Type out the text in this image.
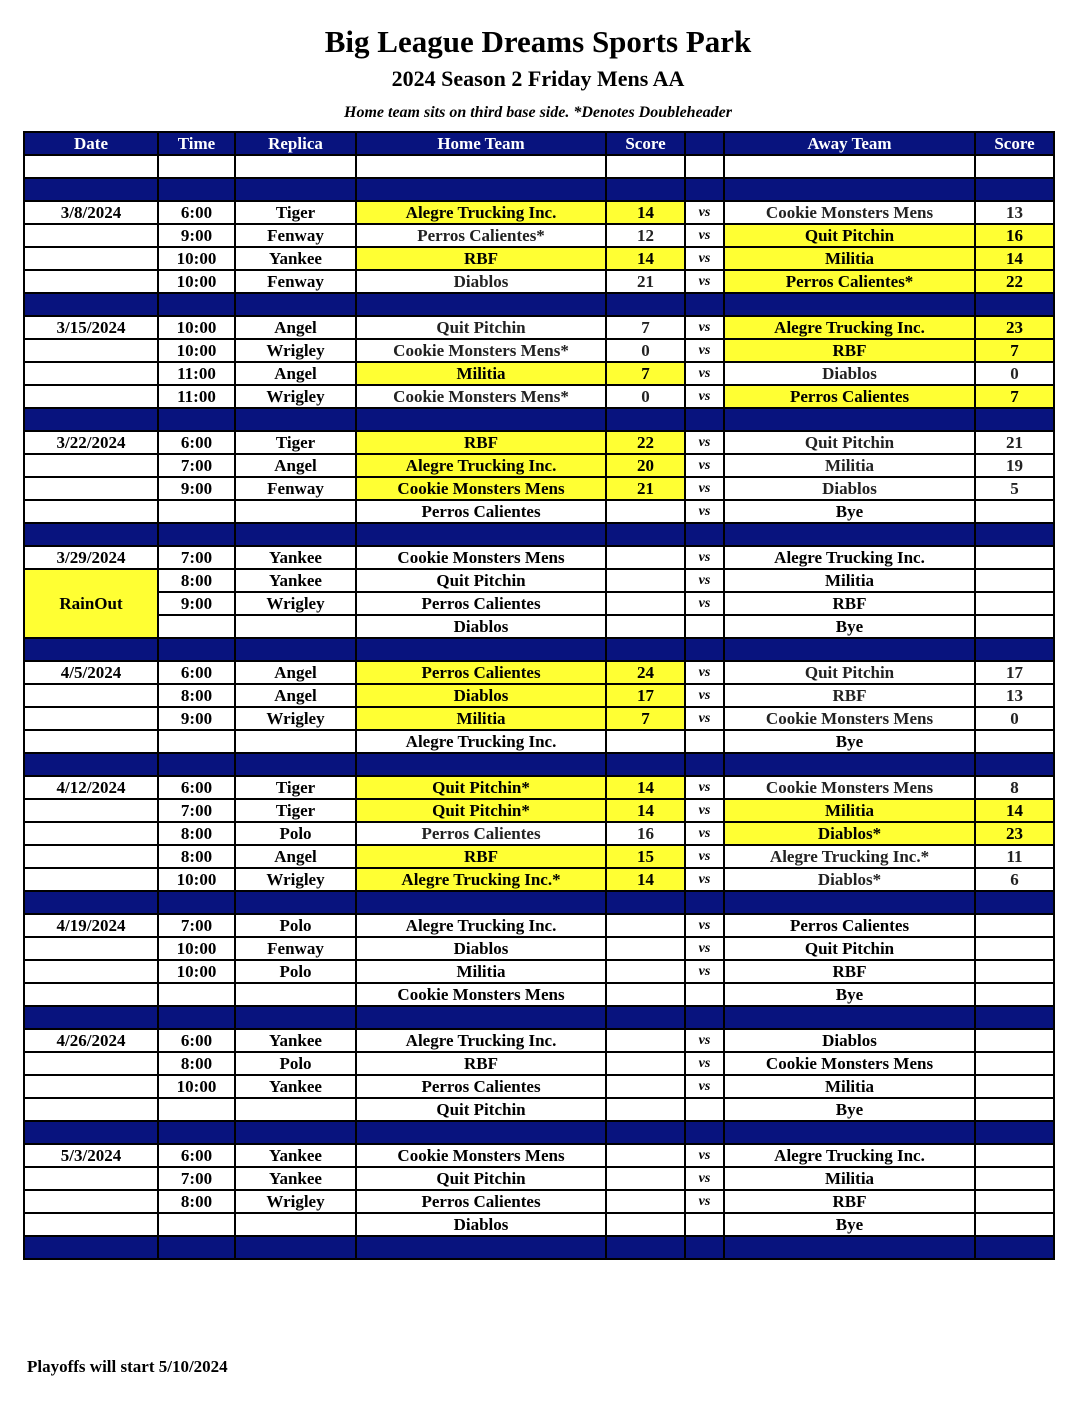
Big League Dreams Sports Park
2024 Season 2 Friday Mens AA
Home team sits on third base side. *Denotes Doubleheader
Date	Time	Replica	Home Team	Score		Away Team	Score

3/8/2024	6:00	Tiger	Alegre Trucking Inc.	14	vs	Cookie Monsters Mens	13
	9:00	Fenway	Perros Calientes*	12	vs	Quit Pitchin	16
	10:00	Yankee	RBF	14	vs	Militia	14
	10:00	Fenway	Diablos	21	vs	Perros Calientes*	22

3/15/2024	10:00	Angel	Quit Pitchin	7	vs	Alegre Trucking Inc.	23
	10:00	Wrigley	Cookie Monsters Mens*	0	vs	RBF	7
	11:00	Angel	Militia	7	vs	Diablos	0
	11:00	Wrigley	Cookie Monsters Mens*	0	vs	Perros Calientes	7

3/22/2024	6:00	Tiger	RBF	22	vs	Quit Pitchin	21
	7:00	Angel	Alegre Trucking Inc.	20	vs	Militia	19
	9:00	Fenway	Cookie Monsters Mens	21	vs	Diablos	5
			Perros Calientes		vs	Bye	

3/29/2024	7:00	Yankee	Cookie Monsters Mens		vs	Alegre Trucking Inc.	
RainOut	8:00	Yankee	Quit Pitchin		vs	Militia	
	9:00	Wrigley	Perros Calientes		vs	RBF	
			Diablos			Bye	

4/5/2024	6:00	Angel	Perros Calientes	24	vs	Quit Pitchin	17
	8:00	Angel	Diablos	17	vs	RBF	13
	9:00	Wrigley	Militia	7	vs	Cookie Monsters Mens	0
			Alegre Trucking Inc.			Bye	

4/12/2024	6:00	Tiger	Quit Pitchin*	14	vs	Cookie Monsters Mens	8
	7:00	Tiger	Quit Pitchin*	14	vs	Militia	14
	8:00	Polo	Perros Calientes	16	vs	Diablos*	23
	8:00	Angel	RBF	15	vs	Alegre Trucking Inc.*	11
	10:00	Wrigley	Alegre Trucking Inc.*	14	vs	Diablos*	6

4/19/2024	7:00	Polo	Alegre Trucking Inc.		vs	Perros Calientes	
	10:00	Fenway	Diablos		vs	Quit Pitchin	
	10:00	Polo	Militia		vs	RBF	
			Cookie Monsters Mens			Bye	

4/26/2024	6:00	Yankee	Alegre Trucking Inc.		vs	Diablos	
	8:00	Polo	RBF		vs	Cookie Monsters Mens	
	10:00	Yankee	Perros Calientes		vs	Militia	
			Quit Pitchin			Bye	

5/3/2024	6:00	Yankee	Cookie Monsters Mens		vs	Alegre Trucking Inc.	
	7:00	Yankee	Quit Pitchin		vs	Militia	
	8:00	Wrigley	Perros Calientes		vs	RBF	
			Diablos			Bye	

Playoffs will start 5/10/2024
